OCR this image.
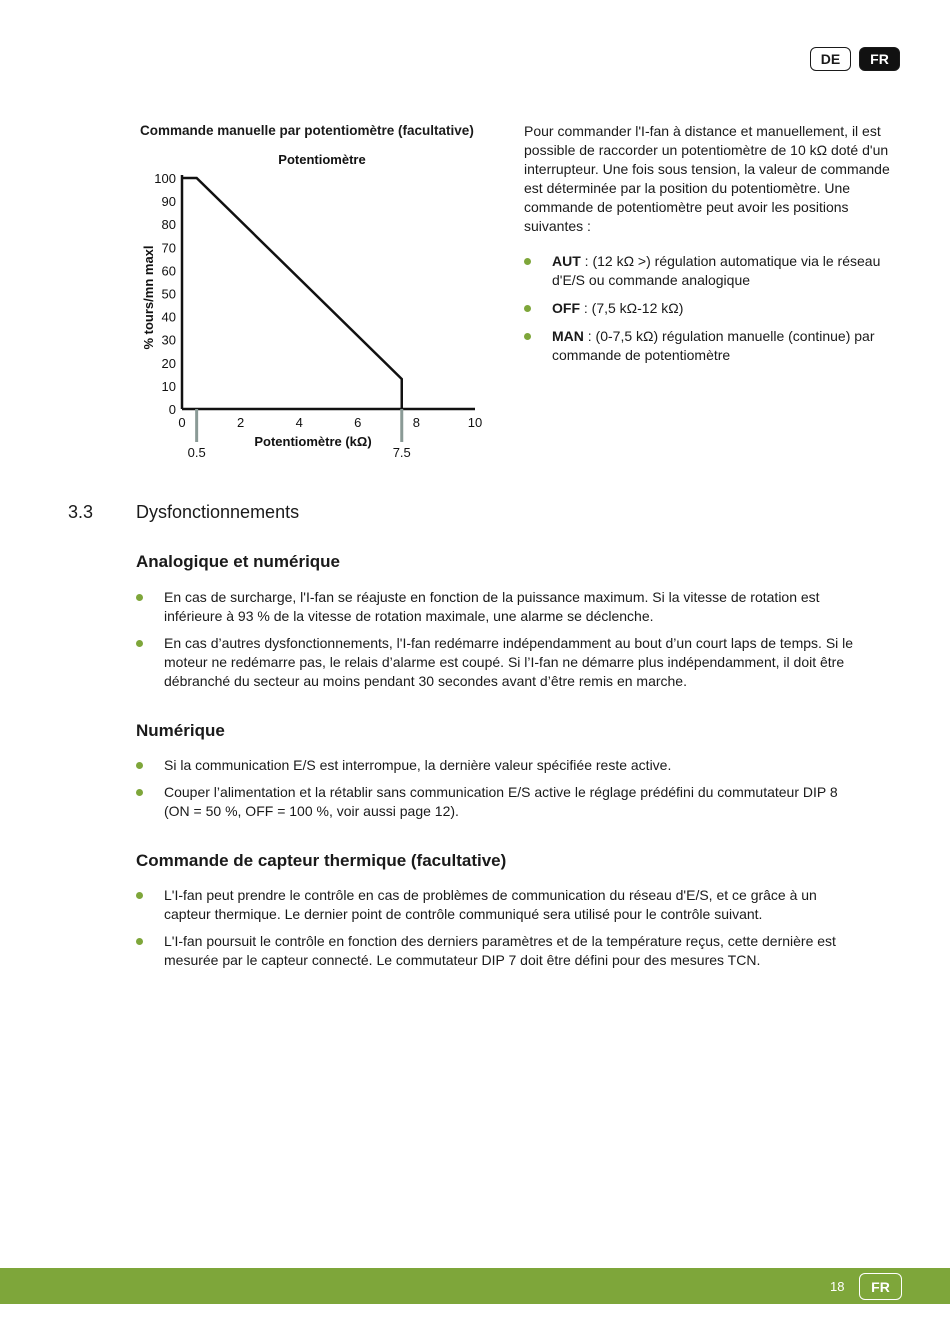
DE	FR
Commande manuelle par potentiomètre (facultative)
Potentiomètre
0
10
20
30
40
50
60
70
80
90
100
0	2	4	6	8	10
0.5	7.5
Potentiomètre (kΩ)
% tours/mn maxl
Pour commander l'I-fan à distance et manuellement, il est possible de raccorder un potentiomètre de 10 kΩ doté d'un interrupteur. Une fois sous tension, la valeur de commande est déterminée par la position du potentiomètre. Une commande de potentiomètre peut avoir les positions suivantes :
AUT : (12 kΩ >) régulation automatique via le réseau d'E/S ou commande analogique
OFF : (7,5 kΩ-12 kΩ)
MAN : (0-7,5 kΩ) régulation manuelle (continue) par commande de potentiomètre
3.3 Dysfonctionnements
Analogique et numérique
En cas de surcharge, l'I-fan se réajuste en fonction de la puissance maximum. Si la vitesse de rotation est inférieure à 93 % de la vitesse de rotation maximale, une alarme se déclenche.
En cas d’autres dysfonctionnements, l'I-fan redémarre indépendamment au bout d’un court laps de temps. Si le moteur ne redémarre pas, le relais d’alarme est coupé. Si l’I-fan ne démarre plus indépendamment, il doit être débranché du secteur au moins pendant 30 secondes avant d’être remis en marche.
Numérique
Si la communication E/S est interrompue, la dernière valeur spécifiée reste active.
Couper l’alimentation et la rétablir sans communication E/S active le réglage prédéfini du commutateur DIP 8 (ON = 50 %, OFF = 100 %, voir aussi page 12).
Commande de capteur thermique (facultative)
L'I-fan peut prendre le contrôle en cas de problèmes de communication du réseau d'E/S, et ce grâce à un capteur thermique. Le dernier point de contrôle communiqué sera utilisé pour le contrôle suivant.
L'I-fan poursuit le contrôle en fonction des derniers paramètres et de la température reçus, cette dernière est mesurée par le capteur connecté. Le commutateur DIP 7 doit être défini pour des mesures TCN.
18	FR
